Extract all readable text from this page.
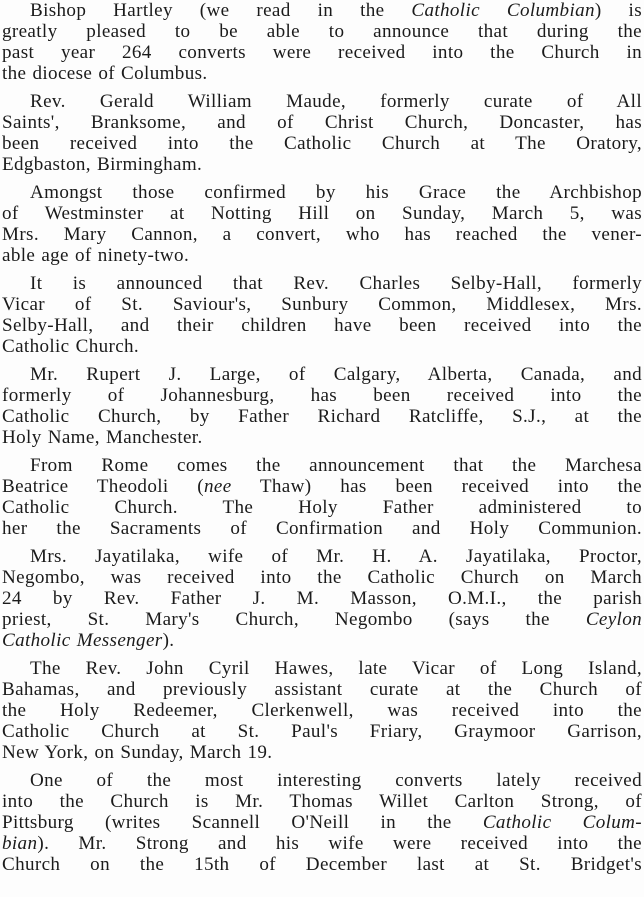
Bishop Hartley (we read in the Catholic Columbian) is
greatly pleased to be able to announce that during the
past year 264 converts were received into the Church in
the diocese of Columbus.

Rev. Gerald William Maude, formerly curate of All
Saints', Branksome, and of Christ Church, Doncaster, has
been received into the Catholic Church at The Oratory,
Edgbaston, Birmingham.

Amongst those confirmed by his Grace the Archbishop
of Westminster at Notting Hill on Sunday, March 5, was
Mrs. Mary Cannon, a convert, who has reached the vener-
able age of ninety-two.

It is announced that Rev. Charles Selby-Hall, formerly
Vicar of St. Saviour's, Sunbury Common, Middlesex, Mrs.
Selby-Hall, and their children have been received into the
Catholic Church.

Mr. Rupert J. Large, of Calgary, Alberta, Canada, and
formerly of Johannesburg, has been received into the
Catholic Church, by Father Richard Ratcliffe, S.J., at the
Holy Name, Manchester.

From Rome comes the announcement that the Marchesa
Beatrice Theodoli (nee Thaw) has been received into the
Catholic Church. The Holy Father administered to
her the Sacraments of Confirmation and Holy Communion.

Mrs. Jayatilaka, wife of Mr. H. A. Jayatilaka, Proctor,
Negombo, was received into the Catholic Church on March
24 by Rev. Father J. M. Masson, O.M.I., the parish
priest, St. Mary's Church, Negombo (says the Ceylon
Catholic Messenger).

The Rev. John Cyril Hawes, late Vicar of Long Island,
Bahamas, and previously assistant curate at the Church of
the Holy Redeemer, Clerkenwell, was received into the
Catholic Church at St. Paul's Friary, Graymoor Garrison,
New York, on Sunday, March 19.

One of the most interesting converts lately received
into the Church is Mr. Thomas Willet Carlton Strong, of
Pittsburg (writes Scannell O'Neill in the Catholic Colum-
bian). Mr. Strong and his wife were received into the
Church on the 15th of December last at St. Bridget's
